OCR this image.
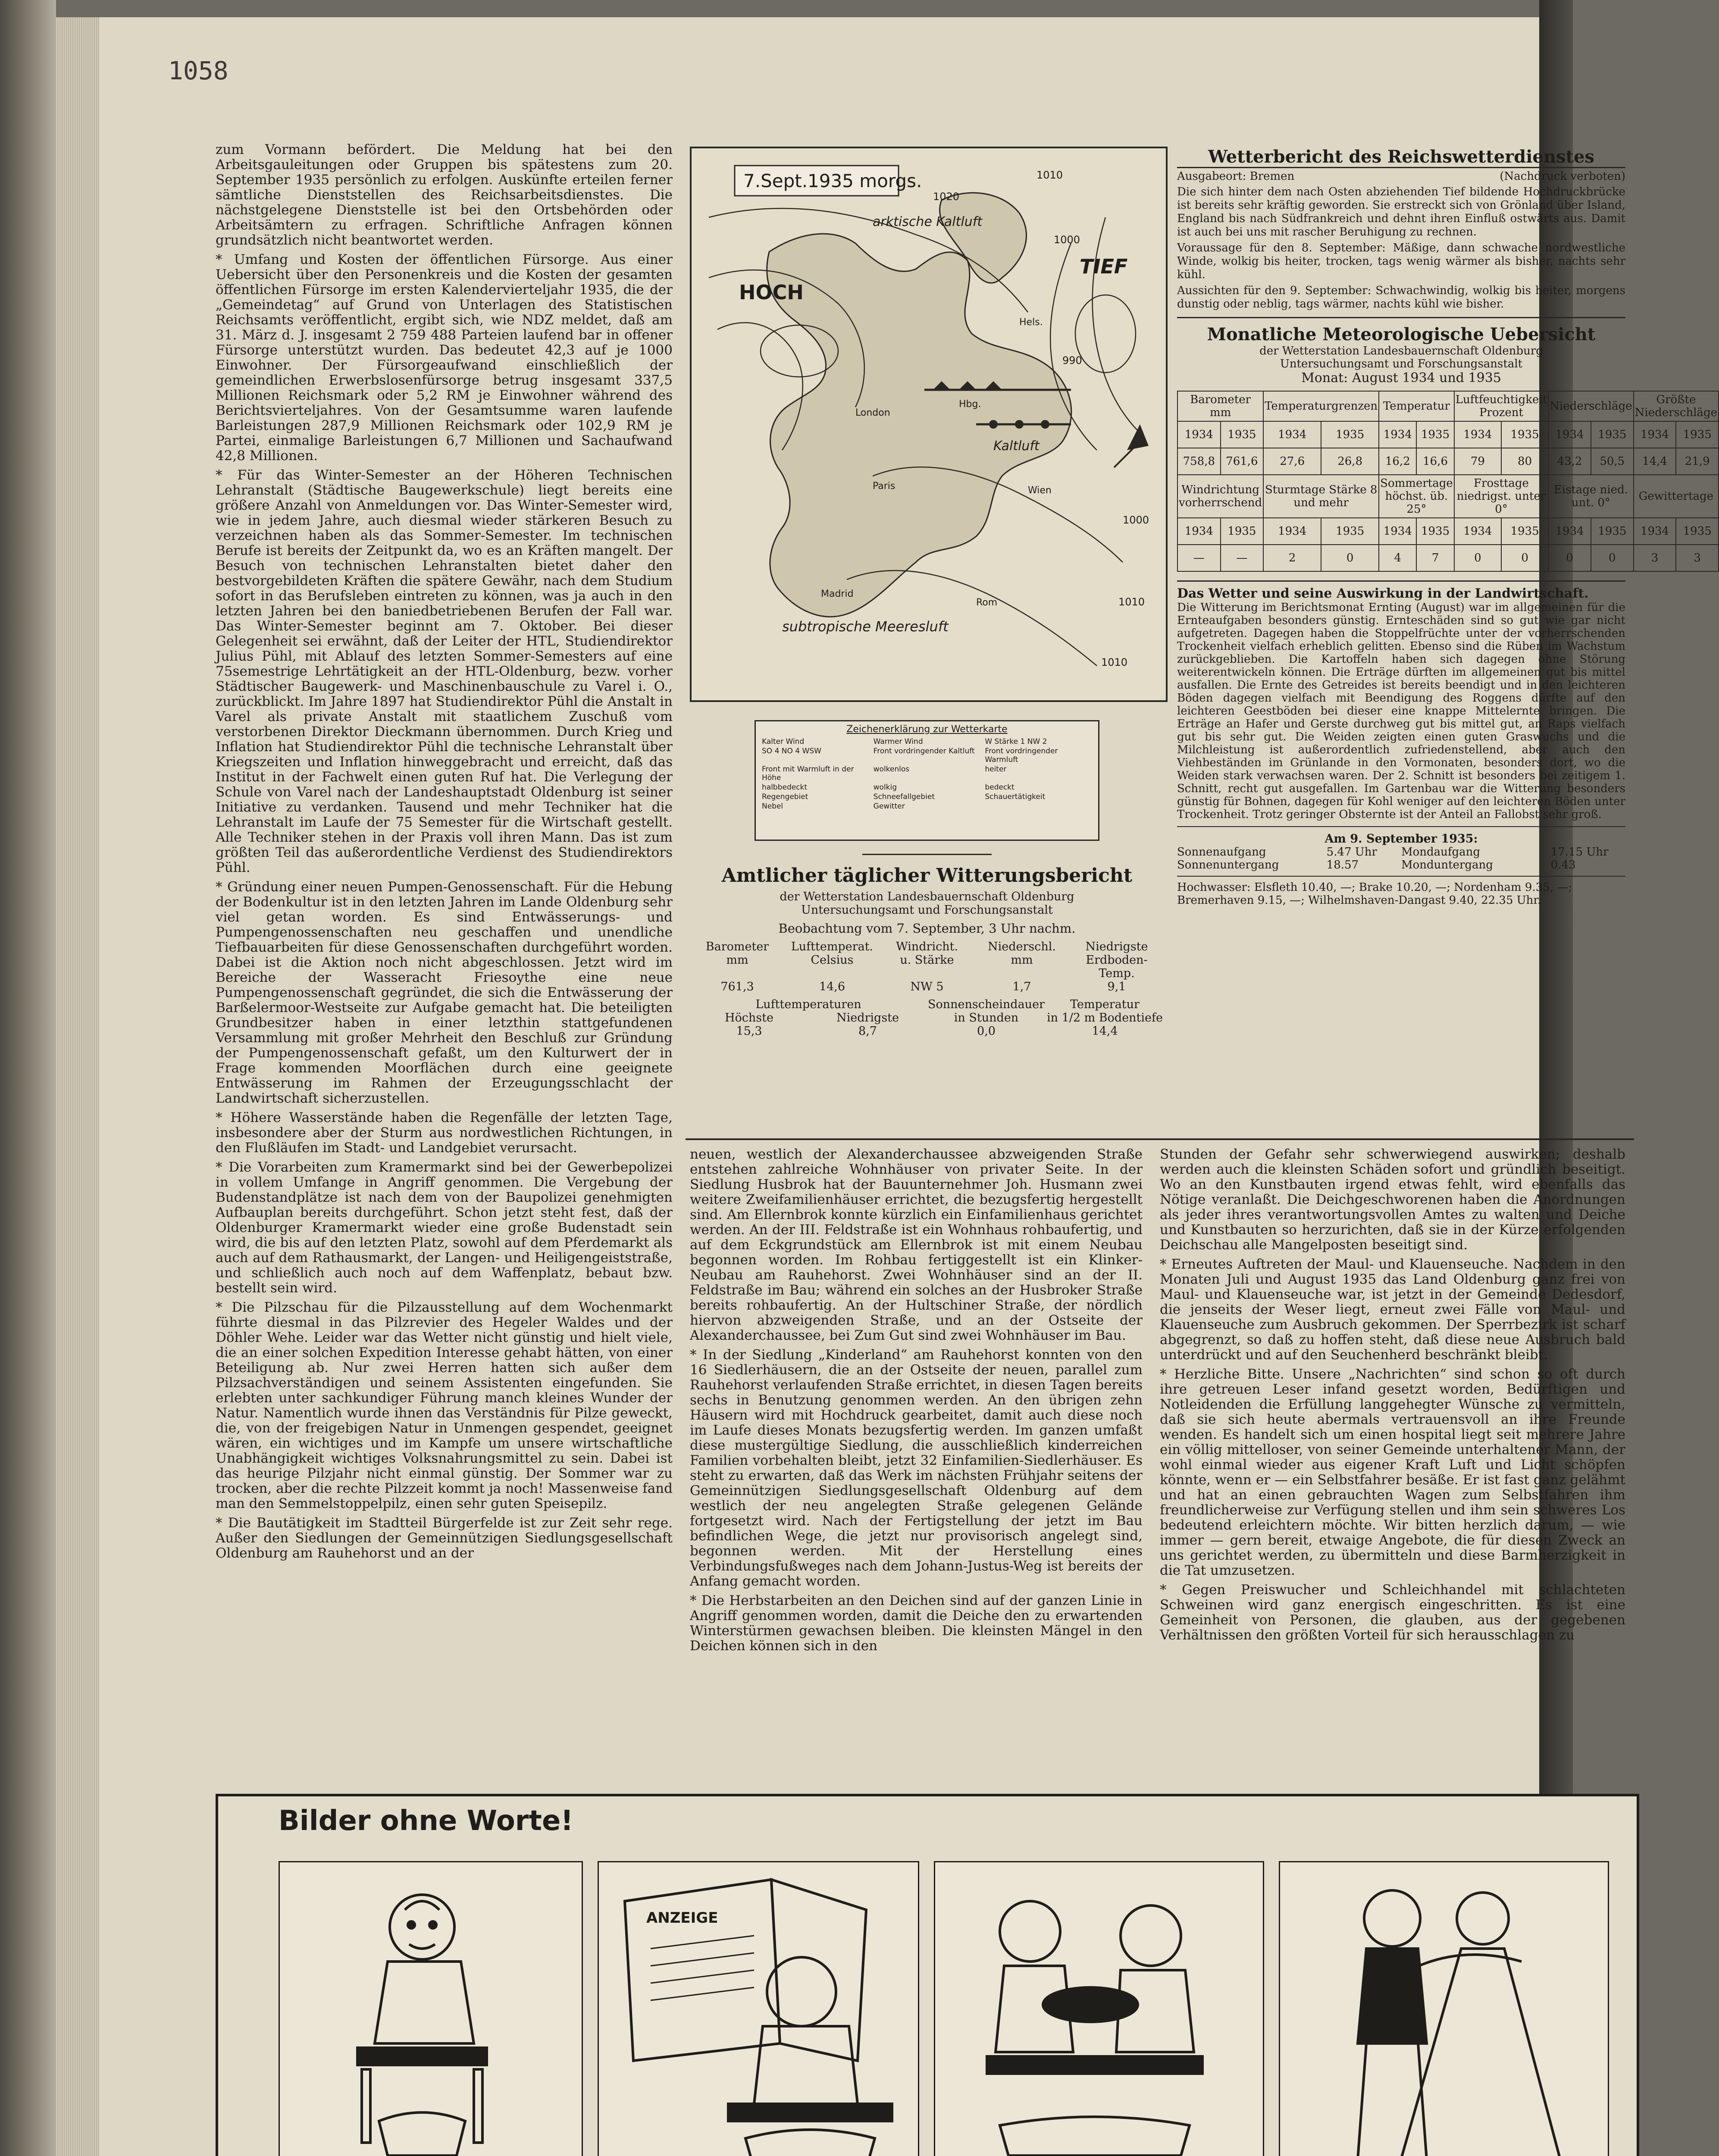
1058

zum Vormann befördert. Die Meldung hat bei den Arbeitsgauleitungen oder Gruppen bis spätestens zum 20. September 1935 persönlich zu erfolgen. Auskünfte erteilen ferner sämtliche Dienststellen des Reichsarbeitsdienstes. Die nächstgelegene Dienststelle ist bei den Ortsbehörden oder Arbeitsämtern zu erfragen. Schriftliche Anfragen können grundsätzlich nicht beantwortet werden.

* Umfang und Kosten der öffentlichen Fürsorge. Aus einer Uebersicht über den Personenkreis und die Kosten der gesamten öffentlichen Fürsorge im ersten Kalendervierteljahr 1935, die der „Gemeindetag“ auf Grund von Unterlagen des Statistischen Reichsamts veröffentlicht, ergibt sich, wie NDZ meldet, daß am 31. März d. J. insgesamt 2 759 488 Parteien laufend bar in offener Fürsorge unterstützt wurden. Das bedeutet 42,3 auf je 1000 Einwohner. Der Fürsorgeaufwand einschließlich der gemeindlichen Erwerbslosenfürsorge betrug insgesamt 337,5 Millionen Reichsmark oder 5,2 RM je Einwohner während des Berichtsvierteljahres. Von der Gesamtsumme waren laufende Barleistungen 287,9 Millionen Reichsmark oder 102,9 RM je Partei, einmalige Barleistungen 6,7 Millionen und Sachaufwand 42,8 Millionen.

* Für das Winter-Semester an der Höheren Technischen Lehranstalt (Städtische Baugewerkschule) liegt bereits eine größere Anzahl von Anmeldungen vor. Das Winter-Semester wird, wie in jedem Jahre, auch diesmal wieder stärkeren Besuch zu verzeichnen haben als das Sommer-Semester. Im technischen Berufe ist bereits der Zeitpunkt da, wo es an Kräften mangelt. Der Besuch von technischen Lehranstalten bietet daher den bestvorgebildeten Kräften die spätere Gewähr, nach dem Studium sofort in das Berufsleben eintreten zu können, was ja auch in den letzten Jahren bei den baniedbetriebenen Berufen der Fall war. Das Winter-Semester beginnt am 7. Oktober. Bei dieser Gelegenheit sei erwähnt, daß der Leiter der HTL, Studiendirektor Julius Pühl, mit Ablauf des letzten Sommer-Semesters auf eine 75semestrige Lehrtätigkeit an der HTL-Oldenburg, bezw. vorher Städtischer Baugewerk- und Maschinenbauschule zu Varel i. O., zurückblickt. Im Jahre 1897 hat Studiendirektor Pühl die Anstalt in Varel als private Anstalt mit staatlichem Zuschuß vom verstorbenen Direktor Dieckmann übernommen. Durch Krieg und Inflation hat Studiendirektor Pühl die technische Lehranstalt über Kriegszeiten und Inflation hinweggebracht und erreicht, daß das Institut in der Fachwelt einen guten Ruf hat. Die Verlegung der Schule von Varel nach der Landeshauptstadt Oldenburg ist seiner Initiative zu verdanken. Tausend und mehr Techniker hat die Lehranstalt im Laufe der 75 Semester für die Wirtschaft gestellt. Alle Techniker stehen in der Praxis voll ihren Mann. Das ist zum größten Teil das außerordentliche Verdienst des Studiendirektors Pühl.

* Gründung einer neuen Pumpen-Genossenschaft. Für die Hebung der Bodenkultur ist in den letzten Jahren im Lande Oldenburg sehr viel getan worden. Es sind Entwässerungs- und Pumpengenossenschaften neu geschaffen und unendliche Tiefbauarbeiten für diese Genossenschaften durchgeführt worden. Dabei ist die Aktion noch nicht abgeschlossen. Jetzt wird im Bereiche der Wasseracht Friesoythe eine neue Pumpengenossenschaft gegründet, die sich die Entwässerung der Barßelermoor-Westseite zur Aufgabe gemacht hat. Die beteiligten Grundbesitzer haben in einer letzthin stattgefundenen Versammlung mit großer Mehrheit den Beschluß zur Gründung der Pumpengenossenschaft gefaßt, um den Kulturwert der in Frage kommenden Moorflächen durch eine geeignete Entwässerung im Rahmen der Erzeugungsschlacht der Landwirtschaft sicherzustellen.

* Höhere Wasserstände haben die Regenfälle der letzten Tage, insbesondere aber der Sturm aus nordwestlichen Richtungen, in den Flußläufen im Stadt- und Landgebiet verursacht.

* Die Vorarbeiten zum Kramermarkt sind bei der Gewerbepolizei in vollem Umfange in Angriff genommen. Die Vergebung der Budenstandplätze ist nach dem von der Baupolizei genehmigten Aufbauplan bereits durchgeführt. Schon jetzt steht fest, daß der Oldenburger Kramermarkt wieder eine große Budenstadt sein wird, die bis auf den letzten Platz, sowohl auf dem Pferdemarkt als auch auf dem Rathausmarkt, der Langen- und Heiligengeiststraße, und schließlich auch noch auf dem Waffenplatz, bebaut bzw. bestellt sein wird.

* Die Pilzschau für die Pilzausstellung auf dem Wochenmarkt führte diesmal in das Pilzrevier des Hegeler Waldes und der Döhler Wehe. Leider war das Wetter nicht günstig und hielt viele, die an einer solchen Expedition Interesse gehabt hätten, von einer Beteiligung ab. Nur zwei Herren hatten sich außer dem Pilzsachverständigen und seinem Assistenten eingefunden. Sie erlebten unter sachkundiger Führung manch kleines Wunder der Natur. Namentlich wurde ihnen das Verständnis für Pilze geweckt, die, von der freigebigen Natur in Unmengen gespendet, geeignet wären, ein wichtiges und im Kampfe um unsere wirtschaftliche Unabhängigkeit wichtiges Volksnahrungsmittel zu sein. Dabei ist das heurige Pilzjahr nicht einmal günstig. Der Sommer war zu trocken, aber die rechte Pilzzeit kommt ja noch! Massenweise fand man den Semmelstoppelpilz, einen sehr guten Speisepilz.

* Die Bautätigkeit im Stadtteil Bürgerfelde ist zur Zeit sehr rege. Außer den Siedlungen der Gemeinnützigen Siedlungsgesellschaft Oldenburg am Rauhehorst und an der

7.Sept.1935 morgs.
HOCH
TIEF
arktische Kaltluft
Kaltluft
subtropische Meeresluft
London
Paris	Wien
Madrid
Rom
Hbg.
Hels.
1020
1010
1000
990
1010
1000
1010
Zeichenerklärung zur Wetterkarte
Kalter Wind	Warmer Wind	W Stärke 1 NW 2
SO 4 NO 4 WSW	Front vordringender Kaltluft	Front vordringender Warmluft
Front mit Warmluft in der Höhe
wolkenlos	heiter
halbbedeckt	wolkig	bedeckt
Regengebiet	Schneefallgebiet	Schauertätigkeit
Nebel	Gewitter
Amtlicher täglicher Witterungsbericht
der Wetterstation Landesbauernschaft Oldenburg
Untersuchungsamt und Forschungsanstalt
Beobachtung vom 7. September, 3 Uhr nachm.
Barometer	Lufttemperat.	Windricht.	Niederschl.	Niedrigste
mm	Celsius	u. Stärke	mm	Erdboden-Temp.
761,3	14,6	NW 5	1,7	9,1
Lufttemperaturen	Sonnenscheindauer	Temperatur
Höchste	Niedrigste	in Stunden	in 1/2 m Bodentiefe
15,3	8,7	0,0	14,4
Wetterbericht des Reichswetterdienstes
Ausgabeort: Bremen	(Nachdruck verboten)

Die sich hinter dem nach Osten abziehenden Tief bildende Hochdruckbrücke ist bereits sehr kräftig geworden. Sie erstreckt sich von Grönland über Island, England bis nach Südfrankreich und dehnt ihren Einfluß ostwärts aus. Damit ist auch bei uns mit rascher Beruhigung zu rechnen.

Voraussage für den 8. September: Mäßige, dann schwache nordwestliche Winde, wolkig bis heiter, trocken, tags wenig wärmer als bisher, nachts sehr kühl.

Aussichten für den 9. September: Schwachwindig, wolkig bis heiter, morgens dunstig oder neblig, tags wärmer, nachts kühl wie bisher.

Monatliche Meteorologische Uebersicht
der Wetterstation Landesbauernschaft Oldenburg
Untersuchungsamt und Forschungsanstalt
Monat: August 1934 und 1935
Barometer mm		Temperaturgrenzen		Temperatur		Luftfeuchtigkeit Prozent		Niederschläge		Größte Niederschläge	
1934	1935	1934	1935	1934	1935	1934	1935	1934	1935	1934	1935
758,8	761,6	27,6	26,8	16,2	16,6	79	80	43,2	50,5	14,4	21,9
Windrichtung vorherrschend		Sturmtage Stärke 8 und mehr		Sommertage höchst. üb. 25°		Frosttage niedrigst. unter 0°		Eistage nied. unt. 0°		Gewittertage	
1934	1935	1934	1935	1934	1935	1934	1935	1934	1935	1934	1935
—	—	2	0	4	7	0	0	0	0	3	3
Das Wetter und seine Auswirkung in der Landwirtschaft.
Die Witterung im Berichtsmonat Ernting (August) war im allgemeinen für die Ernteaufgaben besonders günstig. Ernteschäden sind so gut wie gar nicht aufgetreten. Dagegen haben die Stoppelfrüchte unter der vorherrschenden Trockenheit vielfach erheblich gelitten. Ebenso sind die Rüben im Wachstum zurückgeblieben. Die Kartoffeln haben sich dagegen ohne Störung weiterentwickeln können. Die Erträge dürften im allgemeinen gut bis mittel ausfallen. Die Ernte des Getreides ist bereits beendigt und in den leichteren Böden dagegen vielfach mit Beendigung des Roggens dürfte auf den leichteren Geestböden bei dieser eine knappe Mittelernte bringen. Die Erträge an Hafer und Gerste durchweg gut bis mittel gut, an Raps vielfach gut bis sehr gut. Die Weiden zeigten einen guten Graswuchs und die Milchleistung ist außerordentlich zufriedenstellend, aber auch den Viehbeständen im Grünlande in den Vormonaten, besonders dort, wo die Weiden stark verwachsen waren. Der 2. Schnitt ist besonders bei zeitigem 1. Schnitt, recht gut ausgefallen. Im Gartenbau war die Witterung besonders günstig für Bohnen, dagegen für Kohl weniger auf den leichteren Böden unter Trockenheit. Trotz geringer Obsternte ist der Anteil an Fallobst sehr groß.
Am 9. September 1935:
Sonnenaufgang	5.47 Uhr	Mondaufgang	17.15 Uhr
Sonnenuntergang	18.57	Monduntergang	0.43
Hochwasser: Elsfleth 10.40, —; Brake 10.20, —; Nordenham 9.35, —; Bremerhaven 9.15, —; Wilhelmshaven-Dangast 9.40, 22.35 Uhr.

neuen, westlich der Alexanderchaussee abzweigenden Straße entstehen zahlreiche Wohnhäuser von privater Seite. In der Siedlung Husbrok hat der Bauunternehmer Joh. Husmann zwei weitere Zweifamilienhäuser errichtet, die bezugsfertig hergestellt sind. Am Ellernbrok konnte kürzlich ein Einfamilienhaus gerichtet werden. An der III. Feldstraße ist ein Wohnhaus rohbaufertig, und auf dem Eckgrundstück am Ellernbrok ist mit einem Neubau begonnen worden. Im Rohbau fertiggestellt ist ein Klinker-Neubau am Rauhehorst. Zwei Wohnhäuser sind an der II. Feldstraße im Bau; während ein solches an der Husbroker Straße bereits rohbaufertig. An der Hultschiner Straße, der nördlich hiervon abzweigenden Straße, und an der Ostseite der Alexanderchaussee, bei Zum Gut sind zwei Wohnhäuser im Bau.

* In der Siedlung „Kinderland“ am Rauhehorst konnten von den 16 Siedlerhäusern, die an der Ostseite der neuen, parallel zum Rauhehorst verlaufenden Straße errichtet, in diesen Tagen bereits sechs in Benutzung genommen werden. An den übrigen zehn Häusern wird mit Hochdruck gearbeitet, damit auch diese noch im Laufe dieses Monats bezugsfertig werden. Im ganzen umfaßt diese mustergültige Siedlung, die ausschließlich kinderreichen Familien vorbehalten bleibt, jetzt 32 Einfamilien-Siedlerhäuser. Es steht zu erwarten, daß das Werk im nächsten Frühjahr seitens der Gemeinnützigen Siedlungsgesellschaft Oldenburg auf dem westlich der neu angelegten Straße gelegenen Gelände fortgesetzt wird. Nach der Fertigstellung der jetzt im Bau befindlichen Wege, die jetzt nur provisorisch angelegt sind, begonnen werden. Mit der Herstellung eines Verbindungsfußweges nach dem Johann-Justus-Weg ist bereits der Anfang gemacht worden.

* Die Herbstarbeiten an den Deichen sind auf der ganzen Linie in Angriff genommen worden, damit die Deiche den zu erwartenden Winterstürmen gewachsen bleiben. Die kleinsten Mängel in den Deichen können sich in den

Stunden der Gefahr sehr schwerwiegend auswirken; deshalb werden auch die kleinsten Schäden sofort und gründlich beseitigt. Wo an den Kunstbauten irgend etwas fehlt, wird ebenfalls das Nötige veranlaßt. Die Deichgeschworenen haben die Anordnungen als jeder ihres verantwortungsvollen Amtes zu walten und Deiche und Kunstbauten so herzurichten, daß sie in der Kürze erfolgenden Deichschau alle Mangelposten beseitigt sind.

* Erneutes Auftreten der Maul- und Klauenseuche. Nachdem in den Monaten Juli und August 1935 das Land Oldenburg ganz frei von Maul- und Klauenseuche war, ist jetzt in der Gemeinde Dedesdorf, die jenseits der Weser liegt, erneut zwei Fälle von Maul- und Klauenseuche zum Ausbruch gekommen. Der Sperrbezirk ist scharf abgegrenzt, so daß zu hoffen steht, daß diese neue Ausbruch bald unterdrückt und auf den Seuchenherd beschränkt bleibt.

* Herzliche Bitte. Unsere „Nachrichten“ sind schon so oft durch ihre getreuen Leser infand gesetzt worden, Bedürftigen und Notleidenden die Erfüllung langgehegter Wünsche zu vermitteln, daß sie sich heute abermals vertrauensvoll an ihre Freunde wenden. Es handelt sich um einen hospital liegt seit mehrere Jahre ein völlig mittelloser, von seiner Gemeinde unterhaltener Mann, der wohl einmal wieder aus eigener Kraft Luft und Licht schöpfen könnte, wenn er — ein Selbstfahrer besäße. Er ist fast ganz gelähmt und hat an einen gebrauchten Wagen zum Selbstfahren ihm freundlicherweise zur Verfügung stellen und ihm sein schweres Los bedeutend erleichtern möchte. Wir bitten herzlich darum, — wie immer — gern bereit, etwaige Angebote, die für diesen Zweck an uns gerichtet werden, zu übermitteln und diese Barmherzigkeit in die Tat umzusetzen.

* Gegen Preiswucher und Schleichhandel mit schlachteten Schweinen wird ganz energisch eingeschritten. Es ist eine Gemeinheit von Personen, die glauben, aus der gegebenen Verhältnissen den größten Vorteil für sich herausschlagen zu

Bilder ohne Worte!
ANZEIGE
